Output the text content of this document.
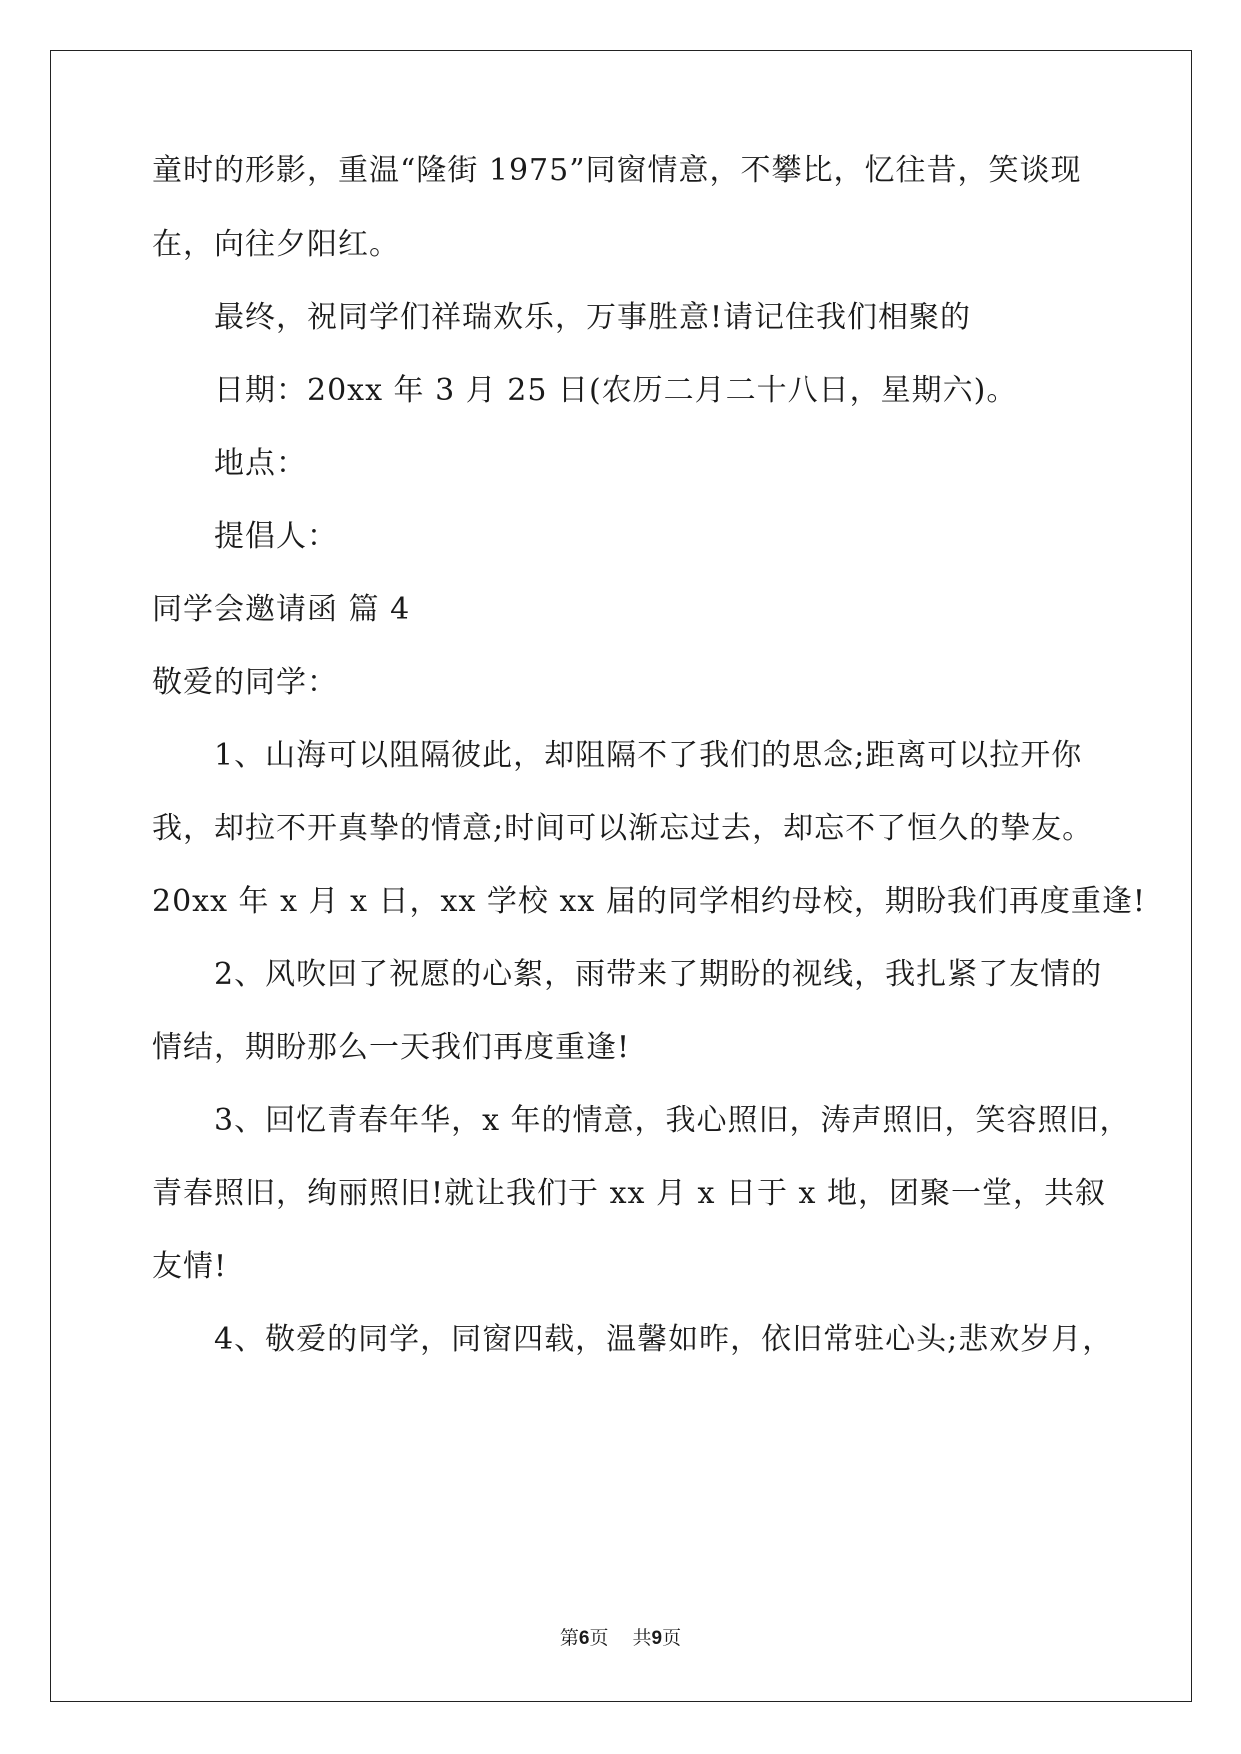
童时的形影，重温“隆街 1975”同窗情意，不攀比，忆往昔，笑谈现
在，向往夕阳红。
最终，祝同学们祥瑞欢乐，万事胜意!请记住我们相聚的
日期：20xx 年 3 月 25 日(农历二月二十八日，星期六)。
地点：
提倡人：
同学会邀请函 篇 4
敬爱的同学：
1、山海可以阻隔彼此，却阻隔不了我们的思念;距离可以拉开你
我，却拉不开真挚的情意;时间可以渐忘过去，却忘不了恒久的挚友。
20xx 年 x 月 x 日，xx 学校 xx 届的同学相约母校，期盼我们再度重逢!
2、风吹回了祝愿的心絮，雨带来了期盼的视线，我扎紧了友情的
情结，期盼那么一天我们再度重逢!
3、回忆青春年华，x 年的情意，我心照旧，涛声照旧，笑容照旧，
青春照旧，绚丽照旧!就让我们于 xx 月 x 日于 x 地，团聚一堂，共叙
友情!
4、敬爱的同学，同窗四载，温馨如昨，依旧常驻心头;悲欢岁月，
第6页 共9页
